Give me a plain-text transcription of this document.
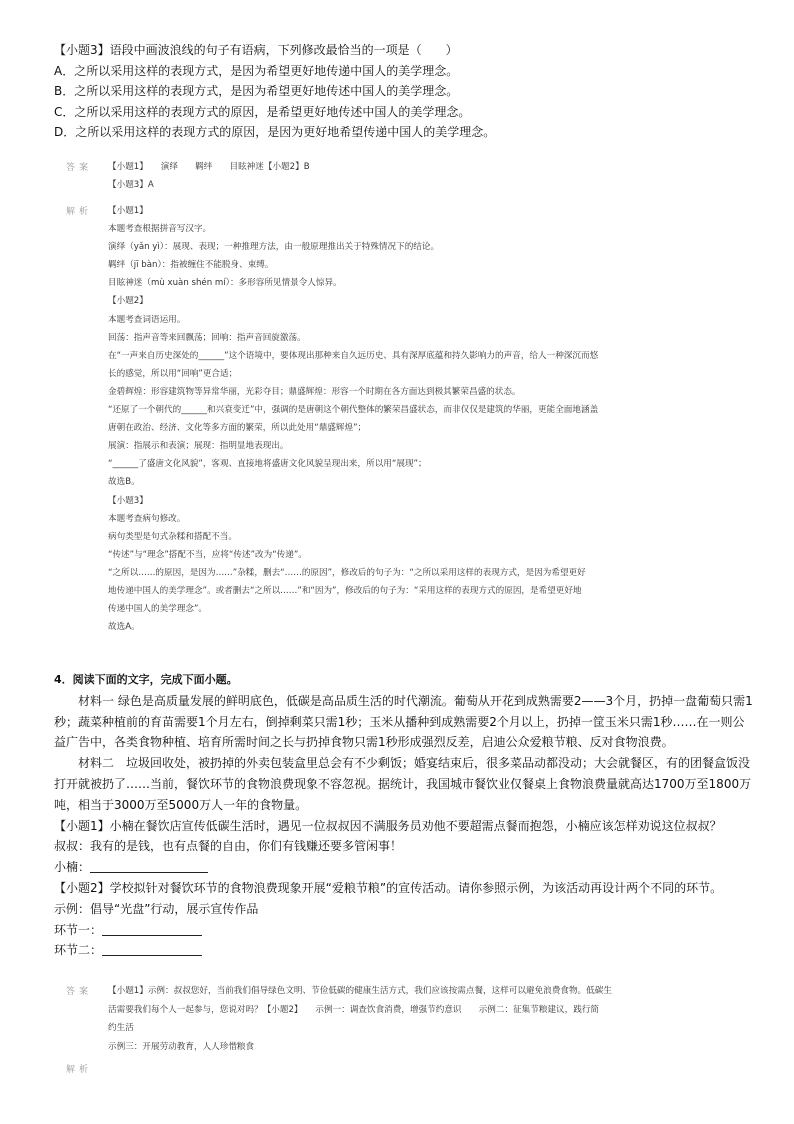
【小题3】语段中画波浪线的句子有语病，下列修改最恰当的一项是（　　）
A．之所以采用这样的表现方式，是因为希望更好地传递中国人的美学理念。
B．之所以采用这样的表现方式，是因为希望更好地传述中国人的美学理念。
C．之所以采用这样的表现方式的原因，是希望更好地传述中国人的美学理念。
D．之所以采用这样的表现方式的原因，是因为更好地希望传递中国人的美学理念。
答案 【小题1】　　演绎　　羁绊　　目眩神迷【小题2】B
【小题3】A
解析 【小题1】
本题考查根据拼音写汉字。
演绎（yǎn yì）：展现、表现；一种推理方法，由一般原理推出关于特殊情况下的结论。
羁绊（jī bàn）：指被缠住不能脱身、束缚。
目眩神迷（mù xuàn shén mí）：多形容所见情景令人惊异。
【小题2】
本题考查词语运用。
回荡：指声音等来回飘荡；回响：指声音回旋激荡。
在“一声来自历史深处的______”这个语境中，要体现出那种来自久远历史、具有深厚底蕴和持久影响力的声音，给人一种深沉而悠
长的感觉，所以用“回响”更合适；
金碧辉煌：形容建筑物等异常华丽，光彩夺目；鼎盛辉煌：形容一个时期在各方面达到极其繁荣昌盛的状态。
“还原了一个朝代的______和兴衰变迁”中，强调的是唐朝这个朝代整体的繁荣昌盛状态，而非仅仅是建筑的华丽，更能全面地涵盖
唐朝在政治、经济、文化等多方面的繁荣，所以此处用“鼎盛辉煌”；
展演：指展示和表演；展现：指明显地表现出。
“______了盛唐文化风貌”，客观、直接地将盛唐文化风貌呈现出来，所以用“展现”；
故选B。
【小题3】
本题考查病句修改。
病句类型是句式杂糅和搭配不当。
“传述”与“理念”搭配不当，应将“传述”改为“传递”。
“之所以……的原因，是因为……”杂糅，删去“……的原因”，修改后的句子为：“之所以采用这样的表现方式，是因为希望更好
地传递中国人的美学理念”。或者删去“之所以……”和“因为”，修改后的句子为：“采用这样的表现方式的原因，是希望更好地
传递中国人的美学理念”。
故选A。
4．阅读下面的文字，完成下面小题。
材料一 绿色是高质量发展的鲜明底色，低碳是高品质生活的时代潮流。葡萄从开花到成熟需要2——3个月，扔掉一盘葡萄只需1秒；蔬菜种植前的育苗需要1个月左右，倒掉剩菜只需1秒；玉米从播种到成熟需要2个月以上，扔掉一筐玉米只需1秒……在一则公益广告中，各类食物种植、培育所需时间之长与扔掉食物只需1秒形成强烈反差，启迪公众爱粮节粮、反对食物浪费。
材料二　垃圾回收处，被扔掉的外卖包装盒里总会有不少剩饭；婚宴结束后，很多菜品动都没动；大会就餐区，有的团餐盒饭没打开就被扔了……当前，餐饮环节的食物浪费现象不容忽视。据统计，我国城市餐饮业仅餐桌上食物浪费量就高达1700万至1800万吨，相当于3000万至5000万人一年的食物量。
【小题1】小楠在餐饮店宣传低碳生活时，遇见一位叔叔因不满服务员劝他不要超需点餐而抱怨，小楠应该怎样劝说这位叔叔？
叔叔：我有的是钱，也有点餐的自由，你们有钱赚还要多管闲事！
小楠：
【小题2】学校拟针对餐饮环节的食物浪费现象开展“爱粮节粮”的宣传活动。请你参照示例，为该活动再设计两个不同的环节。
示例：倡导“光盘”行动，展示宣传作品
环节一：
环节二：
答案 【小题1】示例：叔叔您好，当前我们倡导绿色文明、节俭低碳的健康生活方式，我们应该按需点餐，这样可以避免浪费食物。低碳生
活需要我们每个人一起参与，您说对吗？【小题2】　　示例一：调查饮食消费，增强节约意识　　示例二：征集节粮建议，践行简
约生活
示例三：开展劳动教育，人人珍惜粮食
解析
